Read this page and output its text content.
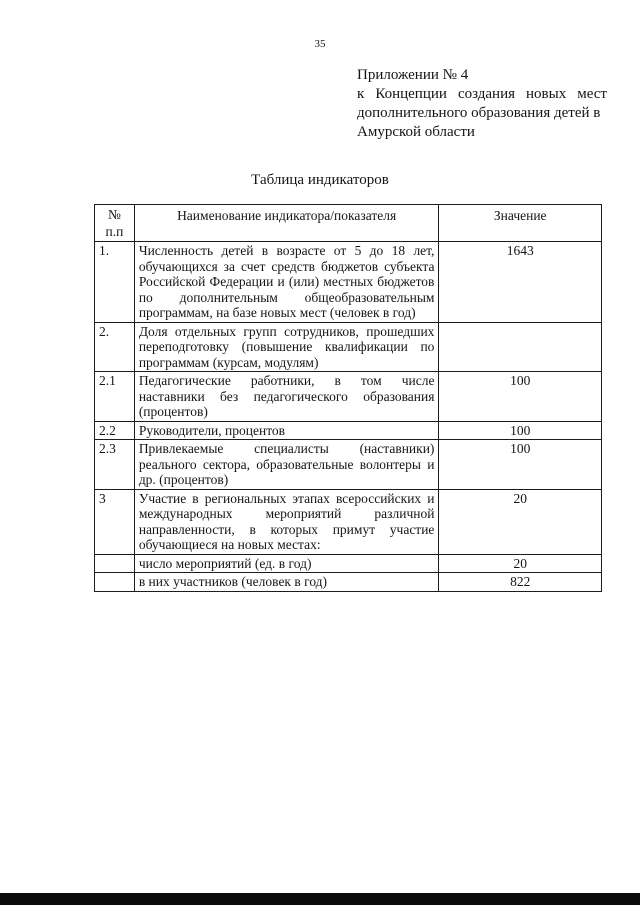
35
Приложении № 4
к Концепции создания новых мест
дополнительного образования детей в
Амурской области
Таблица индикаторов
№ п.п	Наименование индикатора/показателя	Значение
1.	Численность детей в возрасте от 5 до 18 лет, обучающихся за счет средств бюджетов субъекта Российской Федерации и (или) местных бюджетов по дополнительным общеобразовательным программам, на базе новых мест (человек в год)	1643
2.	Доля отдельных групп сотрудников, прошедших переподготовку (повышение квалификации по программам (курсам, модулям)	
2.1	Педагогические работники, в том числе наставники без педагогического образования (процентов)	100
2.2	Руководители, процентов	100
2.3	Привлекаемые специалисты (наставники) реального сектора, образовательные волонтеры и др. (процентов)	100
3	Участие в региональных этапах всероссийских и международных мероприятий различной направленности, в которых примут участие обучающиеся на новых местах:	20
	число мероприятий (ед. в год)	20
	в них участников (человек в год)	822
